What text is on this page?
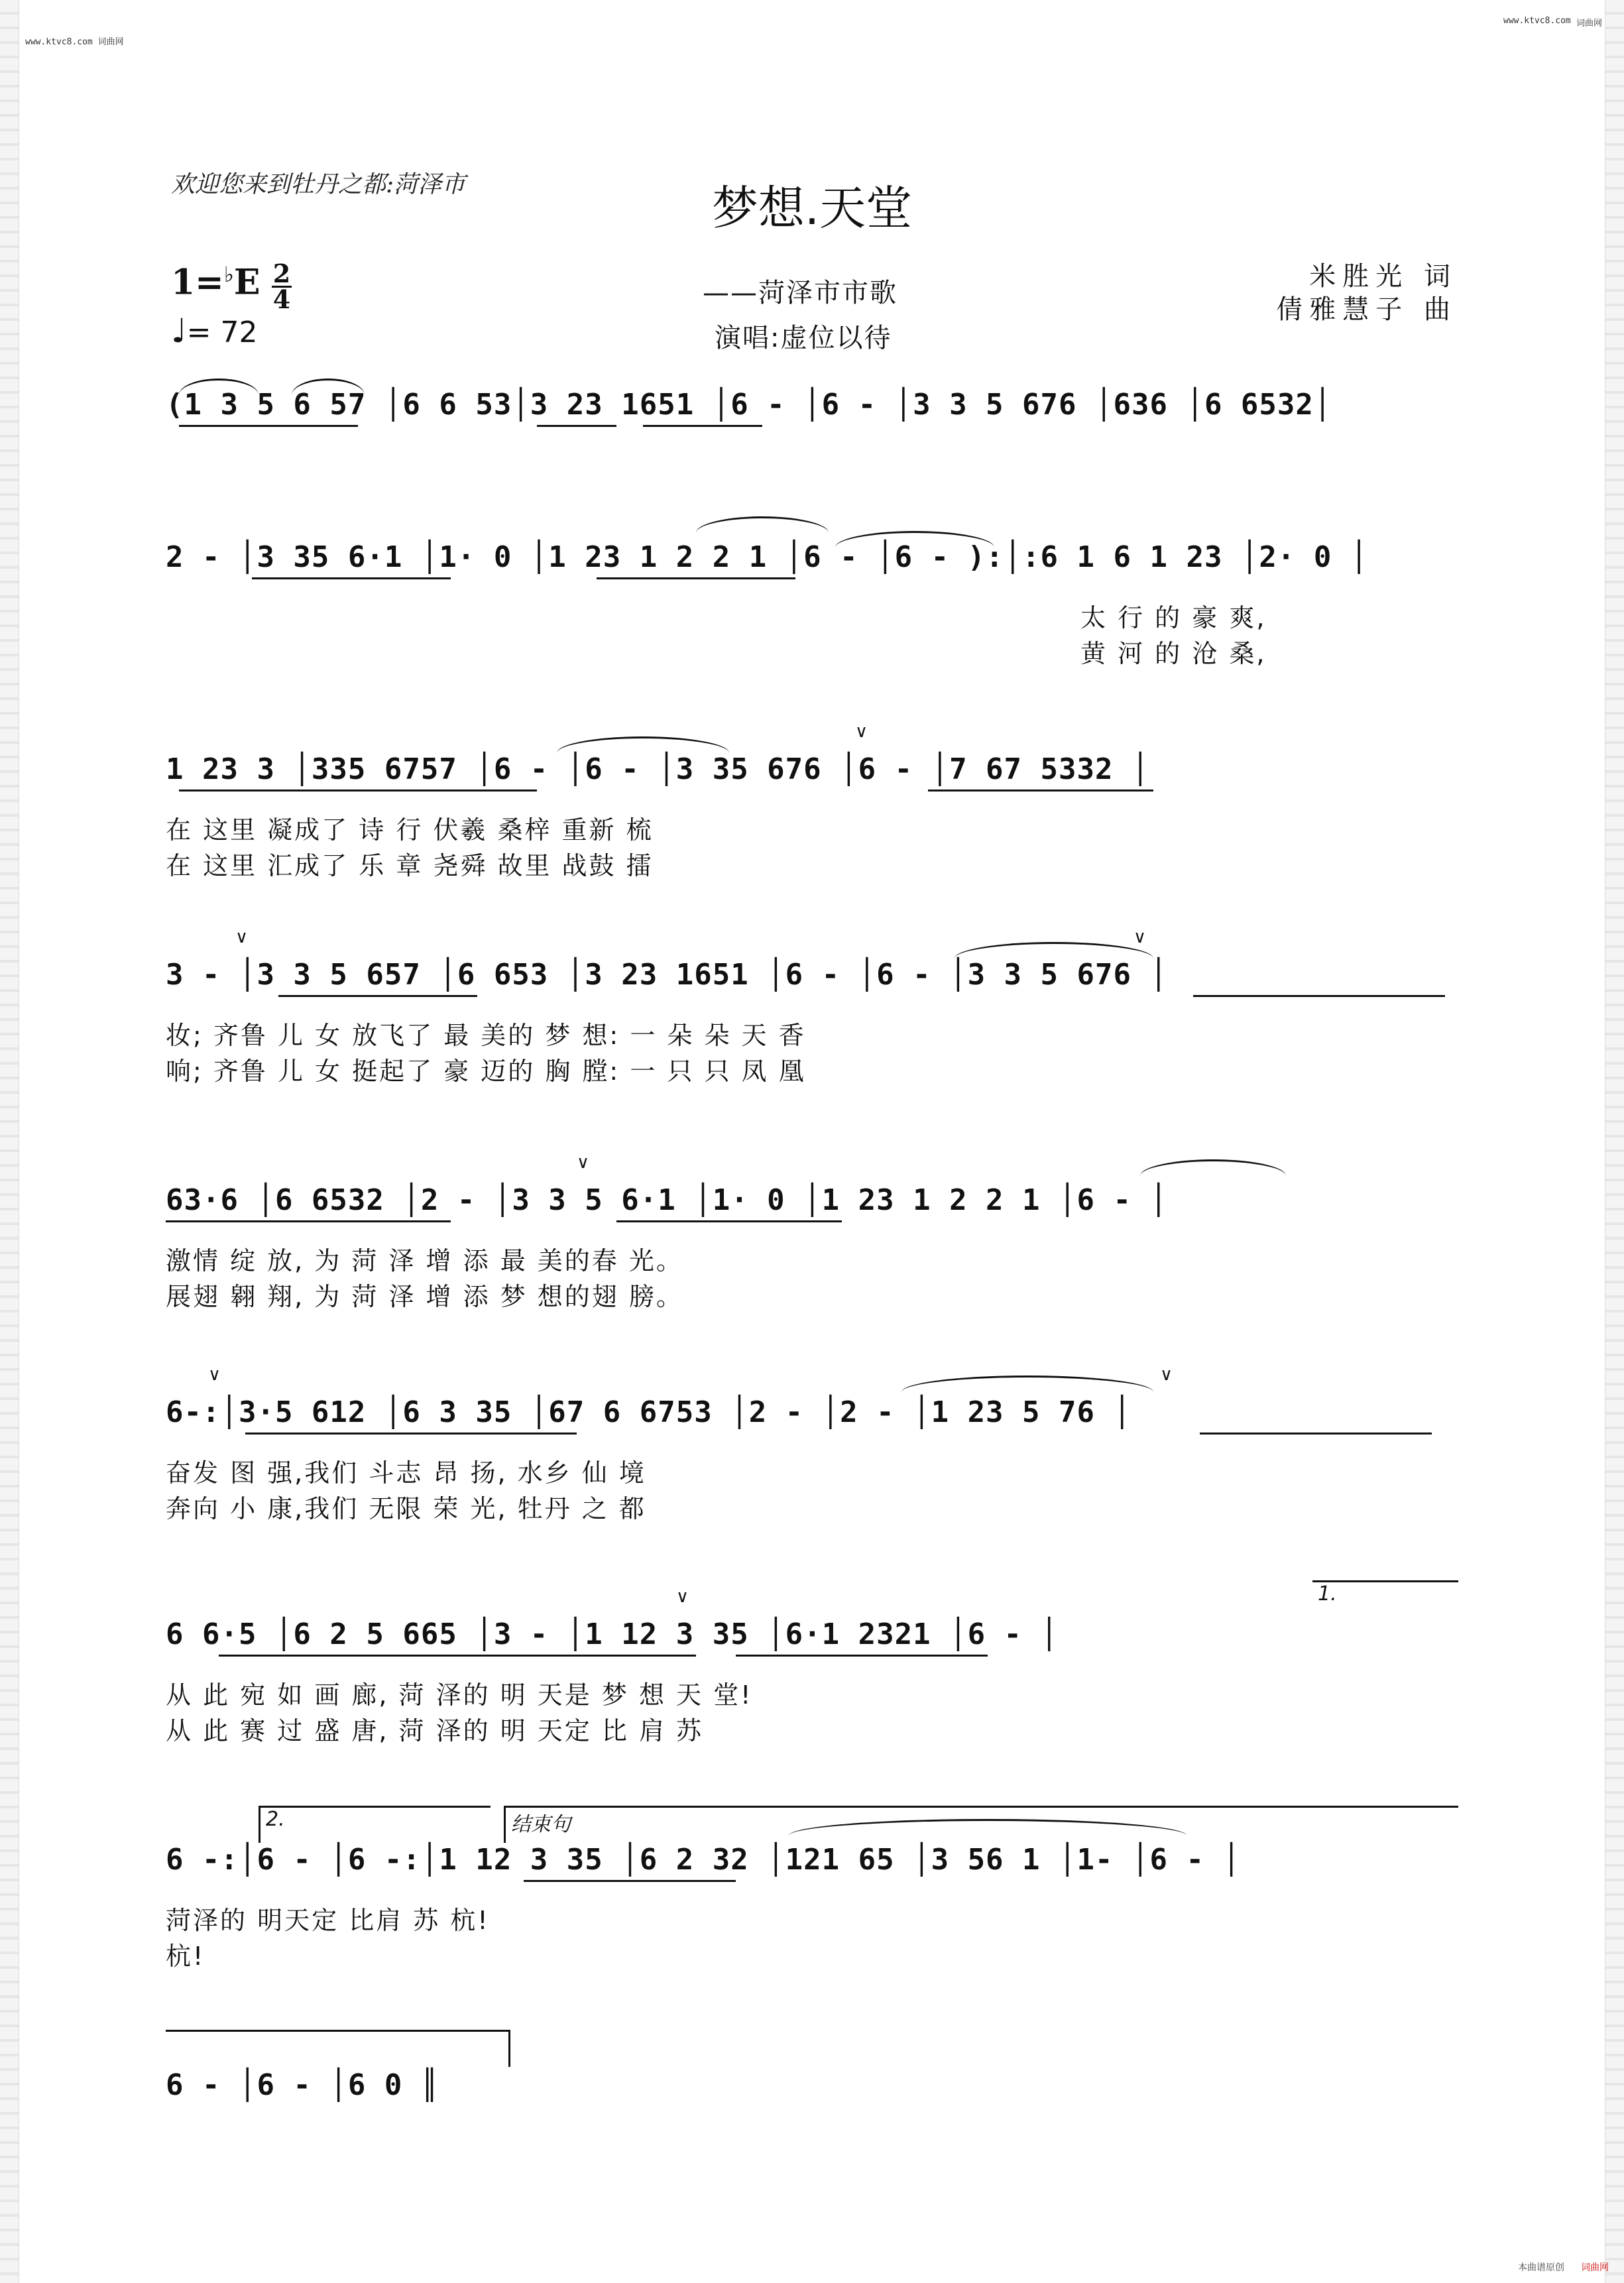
www.ktvc8.com 词曲网
www.ktvc8.com 词曲网
欢迎您来到牡丹之都:菏泽市	梦想.天堂
——菏泽市市歌
演唱:虚位以待
米胜光 词
倩雅慧子 曲
1=♭E 2
4
♩= 72
(1 3 5 6 57 │6 6 53│3 23 1651 │6 - │6 - │3 3 5 676 │636 │6 6532│
2 - │3 35 6·1 │1· 0 │1 23 1 2 2 1 │6 - │6 - ):│:6 1 6 1 23 │2· 0 │
太 行 的 豪 爽,
黄 河 的 沧 桑,
1 23 3 │335 6757 │6 - │6 - │3 35 676 │6 - │7 67 5332 │
∨
在 这里 凝成了 诗 行 伏羲 桑梓 重新 梳
在 这里 汇成了 乐 章 尧舜 故里 战鼓 擂
3 - │3 3 5 657 │6 653 │3 23 1651 │6 - │6 - │3 3 5 676 │
∨	∨
妆; 齐鲁 儿 女 放飞了 最 美的 梦 想: 一 朵 朵 天 香
响; 齐鲁 儿 女 挺起了 豪 迈的 胸 膛: 一 只 只 凤 凰
63·6 │6 6532 │2 - │3 3 5 6·1 │1· 0 │1 23 1 2 2 1 │6 - │
∨
激情 绽 放, 为 菏 泽 增 添 最 美的春 光。
展翅 翱 翔, 为 菏 泽 增 添 梦 想的翅 膀。
6-:│3·5 612 │6 3 35 │67 6 6753 │2 - │2 - │1 23 5 76 │
∨	∨
奋发 图 强,我们 斗志 昂 扬, 水乡 仙 境
奔向 小 康,我们 无限 荣 光, 牡丹 之 都
6 6·5 │6 2 5 665 │3 - │1 12 3 35 │6·1 2321 │6 - │
∨	1.
从 此 宛 如 画 廊, 菏 泽的 明 天是 梦 想 天 堂!
从 此 赛 过 盛 唐, 菏 泽的 明 天定 比 肩 苏
6 -:│6 - │6 -:│1 12 3 35 │6 2 32 │121 65 │3 56 1 │1- │6 - │
2.	结束句
菏泽的 明天定 比肩 苏 杭!
杭!
6 - │6 - │6 0 ║
本曲谱原创 词曲网
